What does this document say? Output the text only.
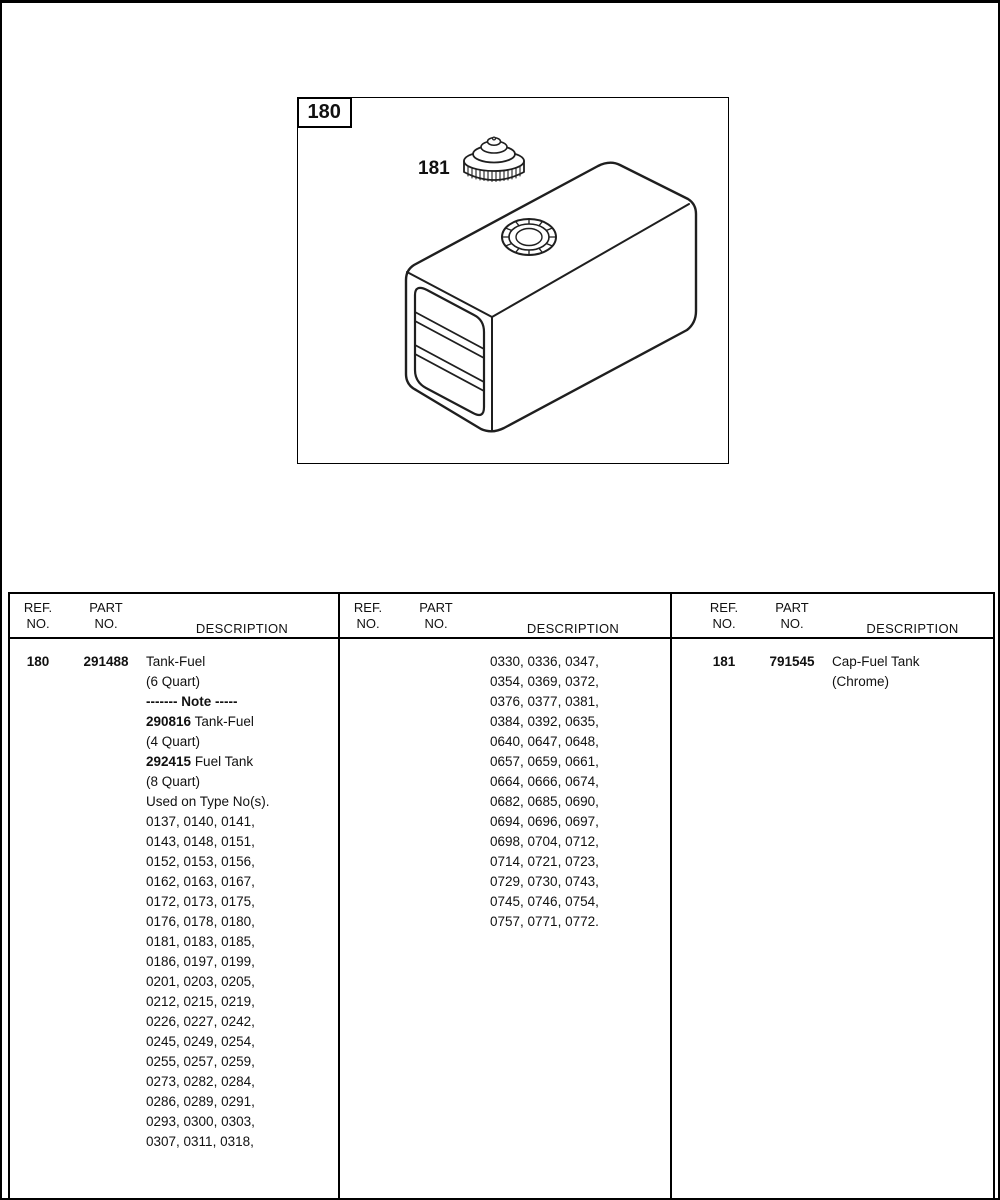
180
181
REF.
NO.
PART
NO.	DESCRIPTION
180	291488	Tank-Fuel
(6 Quart)
------- Note -----
290816 Tank-Fuel
(4 Quart)
292415 Fuel Tank
(8 Quart)
Used on Type No(s).
0137, 0140, 0141,
0143, 0148, 0151,
0152, 0153, 0156,
0162, 0163, 0167,
0172, 0173, 0175,
0176, 0178, 0180,
0181, 0183, 0185,
0186, 0197, 0199,
0201, 0203, 0205,
0212, 0215, 0219,
0226, 0227, 0242,
0245, 0249, 0254,
0255, 0257, 0259,
0273, 0282, 0284,
0286, 0289, 0291,
0293, 0300, 0303,
0307, 0311, 0318,
REF.
NO.
PART
NO.	DESCRIPTION
0330, 0336, 0347,
0354, 0369, 0372,
0376, 0377, 0381,
0384, 0392, 0635,
0640, 0647, 0648,
0657, 0659, 0661,
0664, 0666, 0674,
0682, 0685, 0690,
0694, 0696, 0697,
0698, 0704, 0712,
0714, 0721, 0723,
0729, 0730, 0743,
0745, 0746, 0754,
0757, 0771, 0772.
REF.
NO.
PART
NO.	DESCRIPTION
181	791545	Cap-Fuel Tank
(Chrome)
